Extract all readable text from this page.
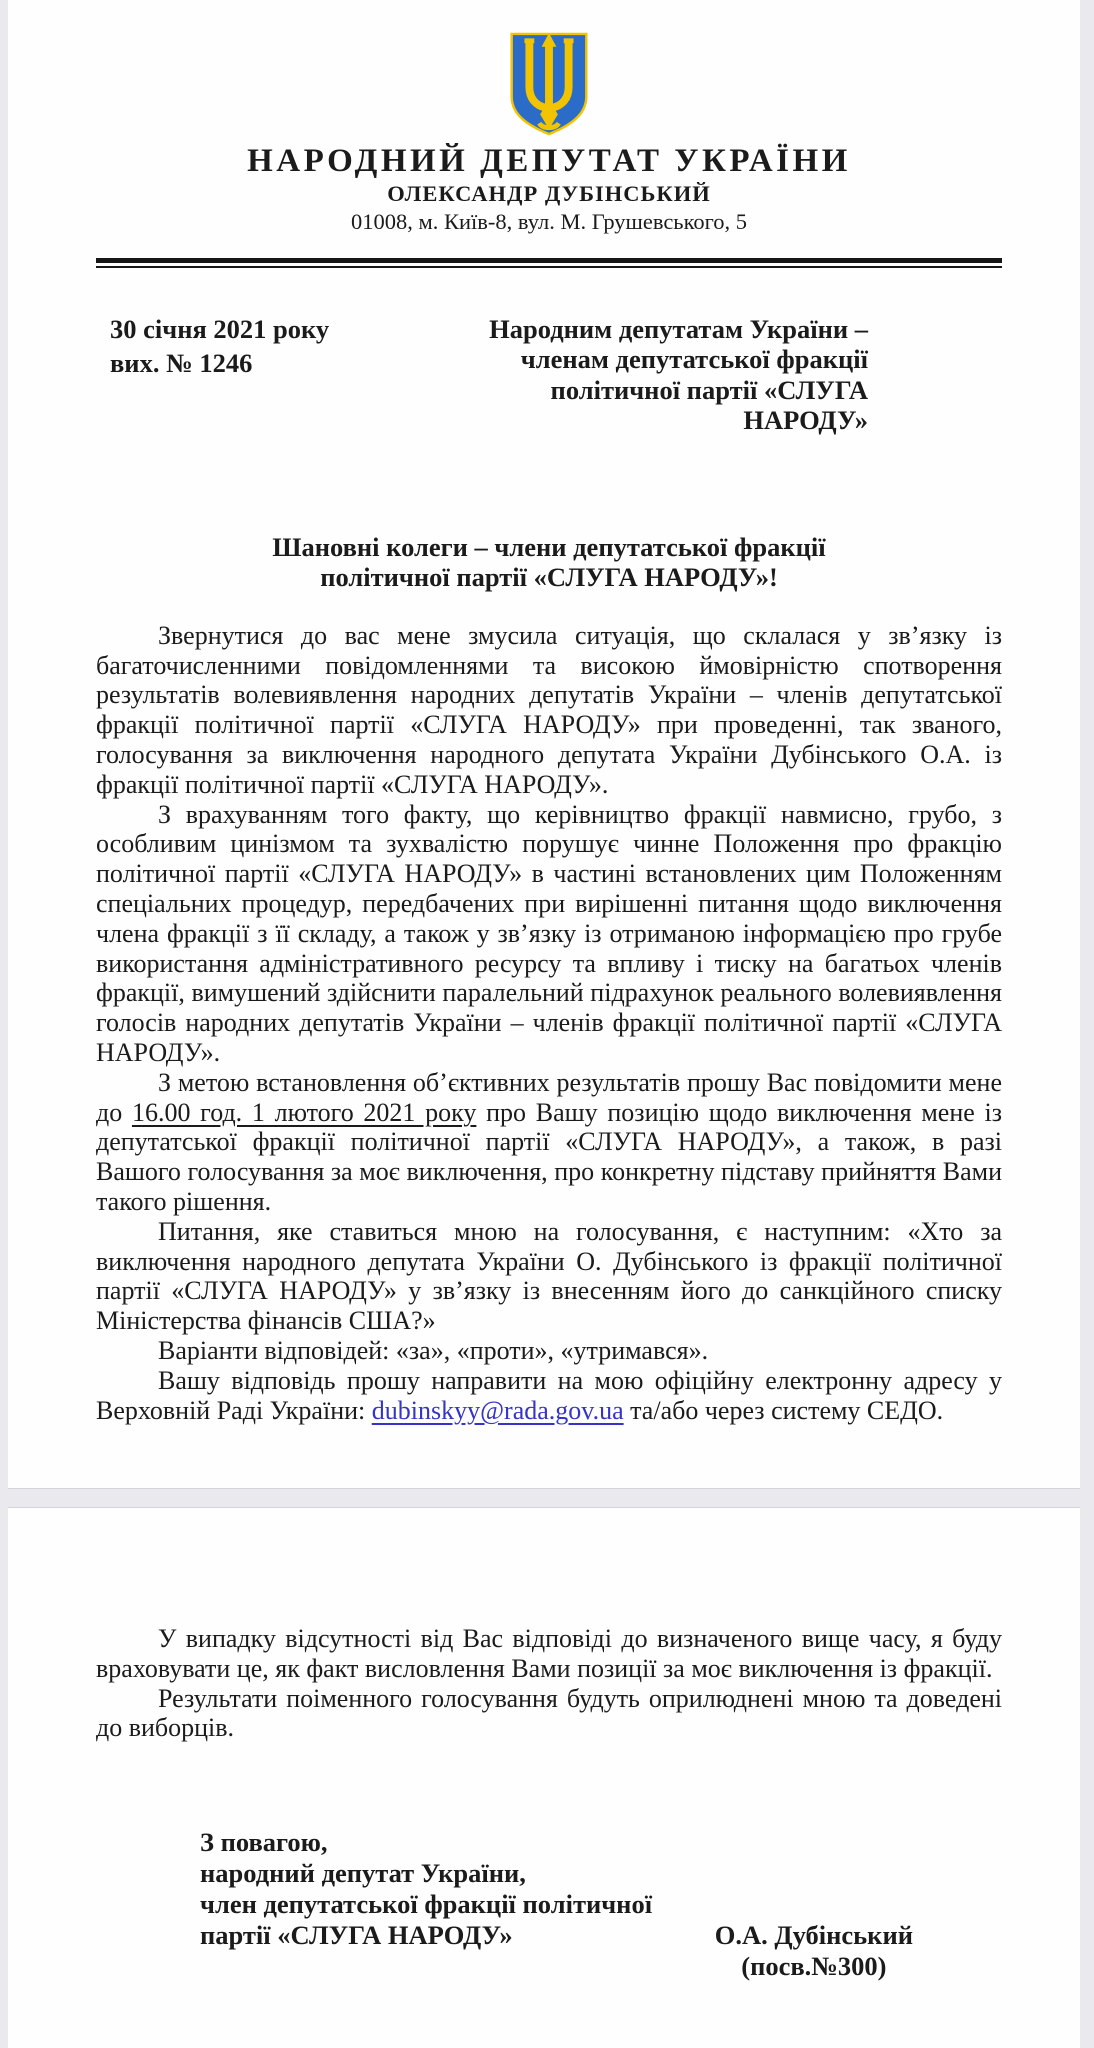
НАРОДНИЙ ДЕПУТАТ УКРАЇНИ
ОЛЕКСАНДР ДУБІНСЬКИЙ
01008, м. Київ-8, вул. М. Грушевського, 5
30 січня 2021 року
вих. № 1246
Народним депутатам України – членам депутатської фракції політичної партії «СЛУГА НАРОДУ»
Шановні колеги – члени депутатської фракції політичної партії «СЛУГА НАРОДУ»!

Звернутися до вас мене змусила ситуація, що склалася у зв’язку із багаточисленними повідомленнями та високою ймовірністю спотворення результатів волевиявлення народних депутатів України – членів депутатської фракції політичної партії «СЛУГА НАРОДУ» при проведенні, так званого, голосування за виключення народного депутата України Дубінського О.А. із фракції політичної партії «СЛУГА НАРОДУ».

З врахуванням того факту, що керівництво фракції навмисно, грубо, з особливим цинізмом та зухвалістю порушує чинне Положення про фракцію політичної партії «СЛУГА НАРОДУ» в частині встановлених цим Положенням спеціальних процедур, передбачених при вирішенні питання щодо виключення члена фракції з її складу, а також у зв’язку із отриманою інформацією про грубе використання адміністративного ресурсу та впливу і тиску на багатьох членів фракції, вимушений здійснити паралельний підрахунок реального волевиявлення голосів народних депутатів України – членів фракції політичної партії «СЛУГА НАРОДУ».

З метою встановлення об’єктивних результатів прошу Вас повідомити мене до 16.00 год. 1 лютого 2021 року про Вашу позицію щодо виключення мене із депутатської фракції політичної партії «СЛУГА НАРОДУ», а також, в разі Вашого голосування за моє виключення, про конкретну підставу прийняття Вами такого рішення.

Питання, яке ставиться мною на голосування, є наступним: «Хто за виключення народного депутата України О. Дубінського із фракції політичної партії «СЛУГА НАРОДУ» у зв’язку із внесенням його до санкційного списку Міністерства фінансів США?»

Варіанти відповідей: «за», «проти», «утримався».

Вашу відповідь прошу направити на мою офіційну електронну адресу у Верховній Раді України: dubinskyy@rada.gov.ua та/або через систему СЕДО.

У випадку відсутності від Вас відповіді до визначеного вище часу, я буду враховувати це, як факт висловлення Вами позиції за моє виключення із фракції.

Результати поіменного голосування будуть оприлюднені мною та доведені до виборців.

З повагою,
народний депутат України,
член депутатської фракції політичної
партії «СЛУГА НАРОДУ»	О.А. Дубінський
(посв.№300)
